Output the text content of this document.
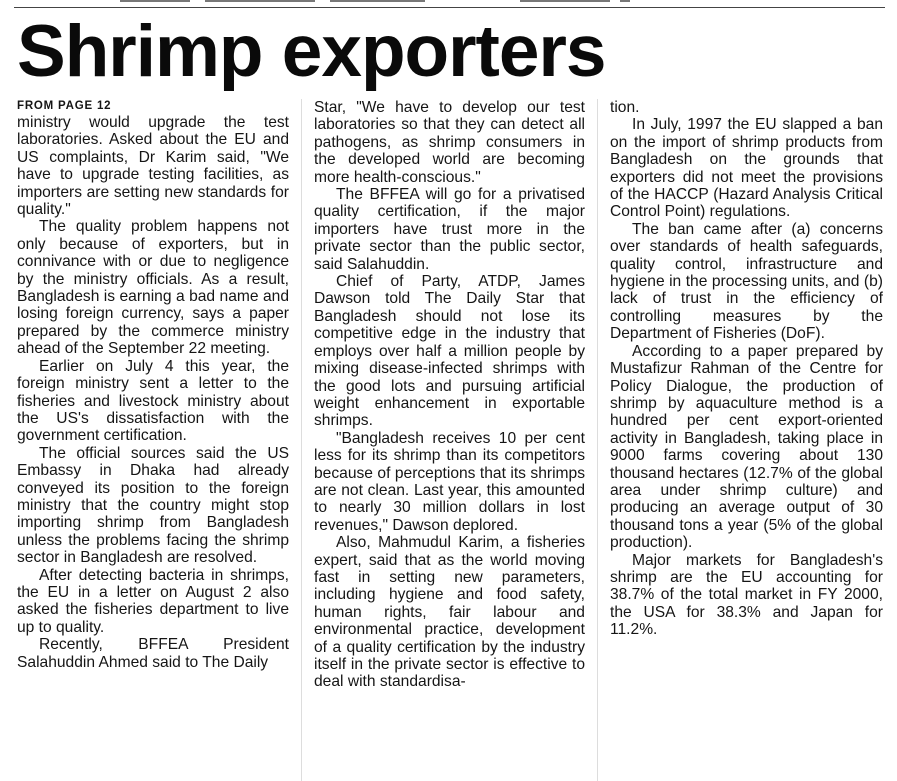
Shrimp exporters
FROM PAGE 12

ministry would upgrade the test laboratories. Asked about the EU and US complaints, Dr Karim said, "We have to upgrade testing facilities, as importers are setting new standards for quality."

The quality problem happens not only because of exporters, but in connivance with or due to negligence by the ministry officials. As a result, Bangladesh is earning a bad name and losing foreign currency, says a paper prepared by the commerce ministry ahead of the September 22 meeting.

Earlier on July 4 this year, the foreign ministry sent a letter to the fisheries and livestock ministry about the US's dissatisfaction with the government certification.

The official sources said the US Embassy in Dhaka had already conveyed its position to the foreign ministry that the country might stop importing shrimp from Bangladesh unless the problems facing the shrimp sector in Bangladesh are resolved.

After detecting bacteria in shrimps, the EU in a letter on August 2 also asked the fisheries department to live up to quality.

Recently, BFFEA President Salahuddin Ahmed said to The Daily

Star, "We have to develop our test laboratories so that they can detect all pathogens, as shrimp consumers in the developed world are becoming more health-conscious."

The BFFEA will go for a privatised quality certification, if the major importers have trust more in the private sector than the public sector, said Salahuddin.

Chief of Party, ATDP, James Dawson told The Daily Star that Bangladesh should not lose its competitive edge in the industry that employs over half a million people by mixing disease-infected shrimps with the good lots and pursuing artificial weight enhancement in exportable shrimps.

"Bangladesh receives 10 per cent less for its shrimp than its competitors because of perceptions that its shrimps are not clean. Last year, this amounted to nearly 30 million dollars in lost revenues," Dawson deplored.

Also, Mahmudul Karim, a fisheries expert, said that as the world moving fast in setting new parameters, including hygiene and food safety, human rights, fair labour and environmental practice, development of a quality certification by the industry itself in the private sector is effective to deal with standardisa-

tion.

In July, 1997 the EU slapped a ban on the import of shrimp products from Bangladesh on the grounds that exporters did not meet the provisions of the HACCP (Hazard Analysis Critical Control Point) regulations.

The ban came after (a) concerns over standards of health safeguards, quality control, infrastructure and hygiene in the processing units, and (b) lack of trust in the efficiency of controlling measures by the Department of Fisheries (DoF).

According to a paper prepared by Mustafizur Rahman of the Centre for Policy Dialogue, the production of shrimp by aquaculture method is a hundred per cent export-oriented activity in Bangladesh, taking place in 9000 farms covering about 130 thousand hectares (12.7% of the global area under shrimp culture) and producing an average output of 30 thousand tons a year (5% of the global production).

Major markets for Bangladesh's shrimp are the EU accounting for 38.7% of the total market in FY 2000, the USA for 38.3% and Japan for 11.2%.
